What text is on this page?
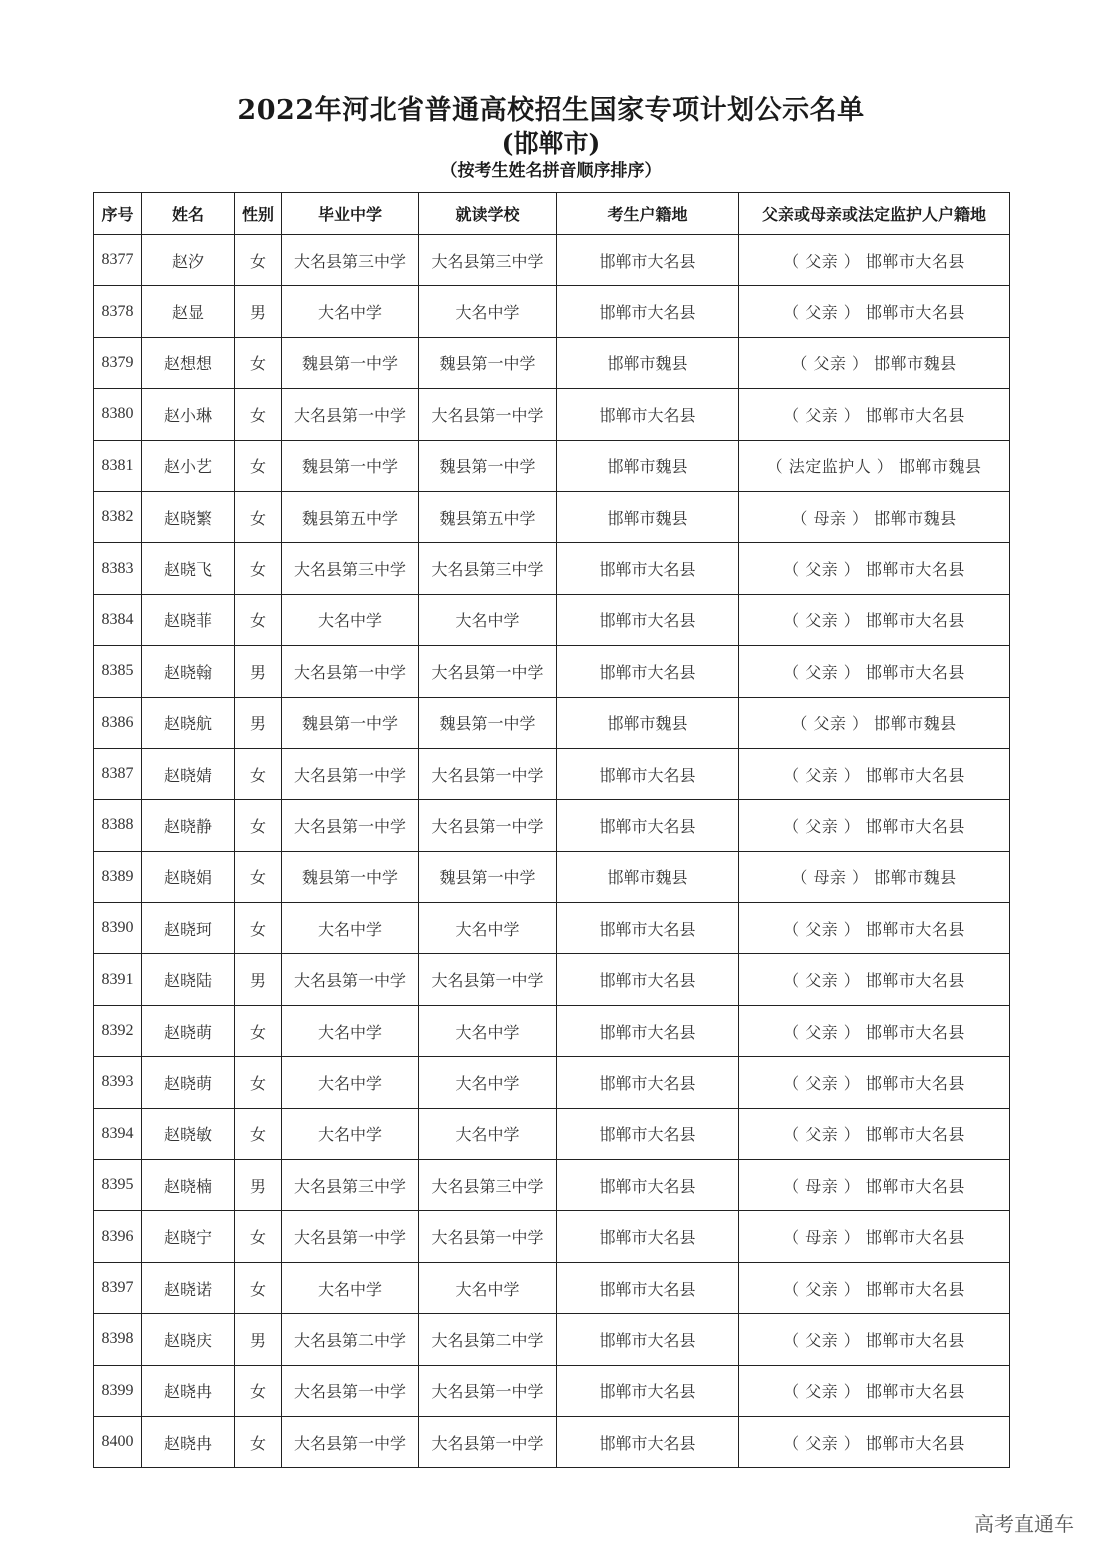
2022年河北省普通高校招生国家专项计划公示名单
(邯郸市)
（按考生姓名拼音顺序排序）
序号	姓名	性别	毕业中学	就读学校	考生户籍地	父亲或母亲或法定监护人户籍地
8377	赵汐	女	大名县第三中学	大名县第三中学	邯郸市大名县	（ 父亲 ） 邯郸市大名县
8378	赵显	男	大名中学	大名中学	邯郸市大名县	（ 父亲 ） 邯郸市大名县
8379	赵想想	女	魏县第一中学	魏县第一中学	邯郸市魏县	（ 父亲 ） 邯郸市魏县
8380	赵小琳	女	大名县第一中学	大名县第一中学	邯郸市大名县	（ 父亲 ） 邯郸市大名县
8381	赵小艺	女	魏县第一中学	魏县第一中学	邯郸市魏县	（ 法定监护人 ） 邯郸市魏县
8382	赵晓繁	女	魏县第五中学	魏县第五中学	邯郸市魏县	（ 母亲 ） 邯郸市魏县
8383	赵晓飞	女	大名县第三中学	大名县第三中学	邯郸市大名县	（ 父亲 ） 邯郸市大名县
8384	赵晓菲	女	大名中学	大名中学	邯郸市大名县	（ 父亲 ） 邯郸市大名县
8385	赵晓翰	男	大名县第一中学	大名县第一中学	邯郸市大名县	（ 父亲 ） 邯郸市大名县
8386	赵晓航	男	魏县第一中学	魏县第一中学	邯郸市魏县	（ 父亲 ） 邯郸市魏县
8387	赵晓婧	女	大名县第一中学	大名县第一中学	邯郸市大名县	（ 父亲 ） 邯郸市大名县
8388	赵晓静	女	大名县第一中学	大名县第一中学	邯郸市大名县	（ 父亲 ） 邯郸市大名县
8389	赵晓娟	女	魏县第一中学	魏县第一中学	邯郸市魏县	（ 母亲 ） 邯郸市魏县
8390	赵晓珂	女	大名中学	大名中学	邯郸市大名县	（ 父亲 ） 邯郸市大名县
8391	赵晓陆	男	大名县第一中学	大名县第一中学	邯郸市大名县	（ 父亲 ） 邯郸市大名县
8392	赵晓萌	女	大名中学	大名中学	邯郸市大名县	（ 父亲 ） 邯郸市大名县
8393	赵晓萌	女	大名中学	大名中学	邯郸市大名县	（ 父亲 ） 邯郸市大名县
8394	赵晓敏	女	大名中学	大名中学	邯郸市大名县	（ 父亲 ） 邯郸市大名县
8395	赵晓楠	男	大名县第三中学	大名县第三中学	邯郸市大名县	（ 母亲 ） 邯郸市大名县
8396	赵晓宁	女	大名县第一中学	大名县第一中学	邯郸市大名县	（ 母亲 ） 邯郸市大名县
8397	赵晓诺	女	大名中学	大名中学	邯郸市大名县	（ 父亲 ） 邯郸市大名县
8398	赵晓庆	男	大名县第二中学	大名县第二中学	邯郸市大名县	（ 父亲 ） 邯郸市大名县
8399	赵晓冉	女	大名县第一中学	大名县第一中学	邯郸市大名县	（ 父亲 ） 邯郸市大名县
8400	赵晓冉	女	大名县第一中学	大名县第一中学	邯郸市大名县	（ 父亲 ） 邯郸市大名县
高考直通车
